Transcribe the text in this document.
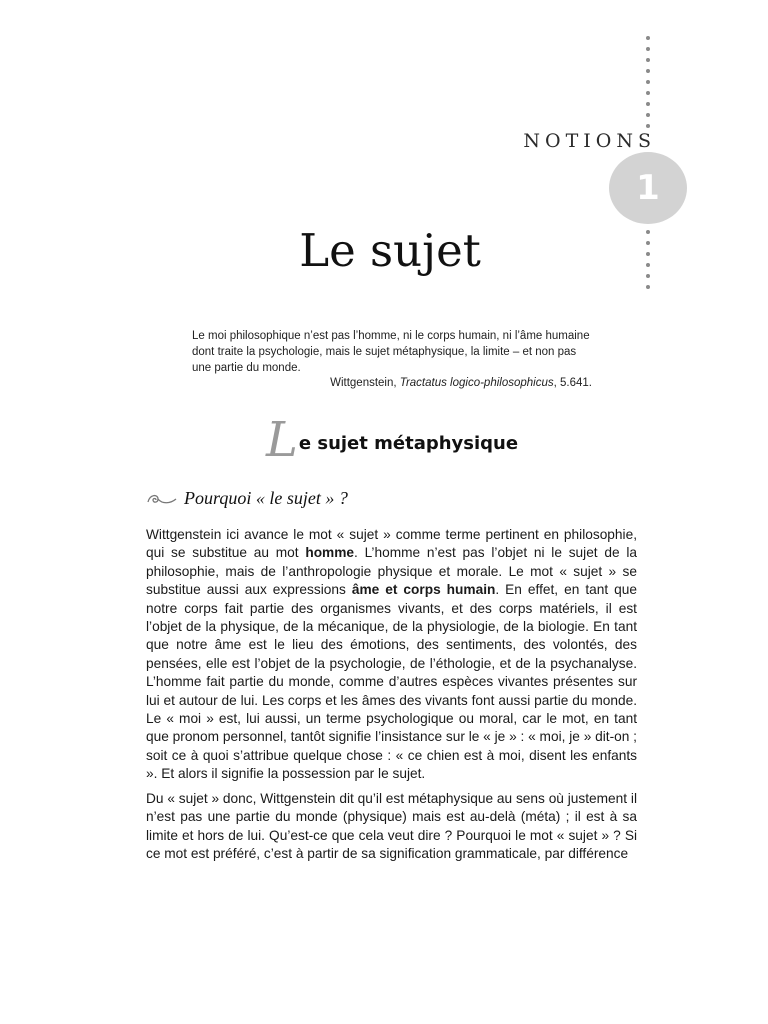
NOTIONS
1
Le sujet
Le moi philosophique n’est pas l’homme, ni le corps humain, ni l’âme humaine dont traite la psychologie, mais le sujet métaphysique, la limite – et non pas une partie du monde.
Wittgenstein, Tractatus logico-philosophicus, 5.641.
L e sujet métaphysique
Pourquoi « le sujet » ?

Wittgenstein ici avance le mot « sujet » comme terme pertinent en philosophie, qui se substitue au mot homme. L’homme n’est pas l’objet ni le sujet de la philosophie, mais de l’anthropologie physique et morale. Le mot « sujet » se substitue aussi aux expressions âme et corps humain. En effet, en tant que notre corps fait partie des organismes vivants, et des corps matériels, il est l’objet de la physique, de la mécanique, de la physiologie, de la biologie. En tant que notre âme est le lieu des émotions, des sentiments, des volontés, des pensées, elle est l’objet de la psychologie, de l’éthologie, et de la psychanalyse. L’homme fait partie du monde, comme d’autres espèces vivantes présentes sur lui et autour de lui. Les corps et les âmes des vivants font aussi partie du monde. Le « moi » est, lui aussi, un terme psychologique ou moral, car le mot, en tant que pronom personnel, tantôt signifie l’insistance sur le « je » : « moi, je » dit-on ; soit ce à quoi s’attribue quelque chose : « ce chien est à moi, disent les enfants ». Et alors il signifie la possession par le sujet.

Du « sujet » donc, Wittgenstein dit qu’il est métaphysique au sens où justement il n’est pas une partie du monde (physique) mais est au-delà (méta) ; il est à sa limite et hors de lui. Qu’est-ce que cela veut dire ? Pourquoi le mot « sujet » ? Si ce mot est préféré, c’est à partir de sa signification grammaticale, par différence
